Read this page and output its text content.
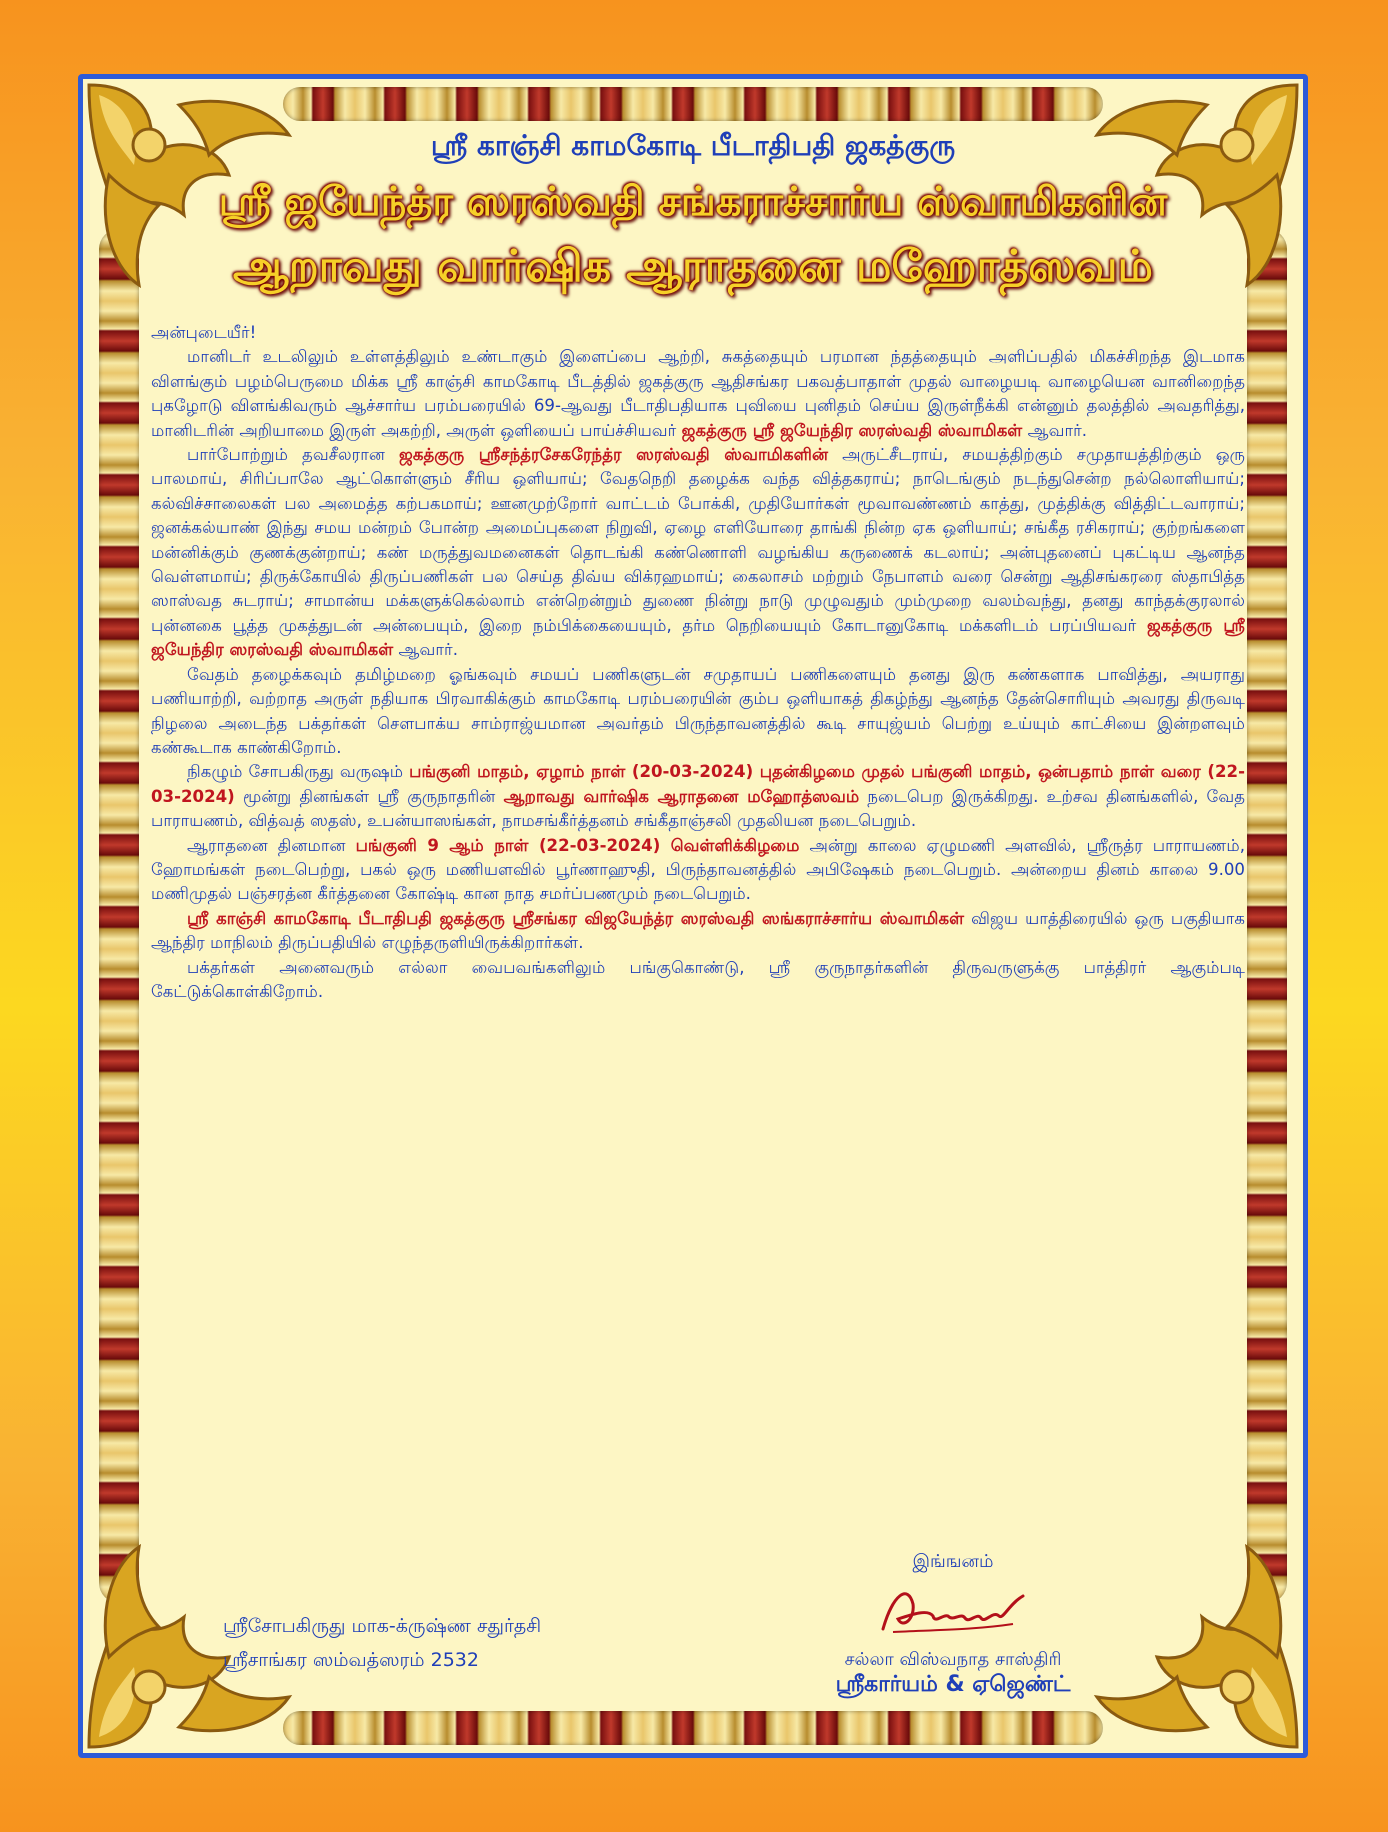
ஸ்ரீ காஞ்சி காமகோடி பீடாதிபதி ஜகத்குரு
ஸ்ரீ ஜயேந்த்ர ஸரஸ்வதி சங்கராச்சார்ய ஸ்வாமிகளின்
ஆறாவது வார்ஷிக ஆராதனை மஹோத்ஸவம்

அன்புடையீர்!

மானிடர் உடலிலும் உள்ளத்திலும் உண்டாகும் இளைப்பை ஆற்றி, சுகத்தையும் பரமான ந்தத்தையும் அளிப்பதில் மிகச்சிறந்த இடமாக விளங்கும் பழம்பெருமை மிக்க ஸ்ரீ காஞ்சி காமகோடி பீடத்தில் ஜகத்குரு ஆதிசங்கர பகவத்பாதாள் முதல் வாழையடி வாழையென வானிறைந்த புகழோடு விளங்கிவரும் ஆச்சார்ய பரம்பரையில் 69-ஆவது பீடாதிபதியாக புவியை புனிதம் செய்ய இருள்நீக்கி என்னும் தலத்தில் அவதரித்து, மானிடரின் அறியாமை இருள் அகற்றி, அருள் ஒளியைப் பாய்ச்சியவர் ஜகத்குரு ஸ்ரீ ஜயேந்திர ஸரஸ்வதி ஸ்வாமிகள் ஆவார்.

பார்போற்றும் தவசீலரான ஜகத்குரு ஸ்ரீசந்த்ரசேகரேந்த்ர ஸரஸ்வதி ஸ்வாமிகளின் அருட்சீடராய், சமயத்திற்கும் சமுதாயத்திற்கும் ஒரு பாலமாய், சிரிப்பாலே ஆட்கொள்ளும் சீரிய ஒளியாய்; வேதநெறி தழைக்க வந்த வித்தகராய்; நாடெங்கும் நடந்துசென்ற நல்லொளியாய்; கல்விச்சாலைகள் பல அமைத்த கற்பகமாய்; ஊனமுற்றோர் வாட்டம் போக்கி, முதியோர்கள் மூவாவண்ணம் காத்து, முத்திக்கு வித்திட்டவாராய்; ஜனக்கல்யாண் இந்து சமய மன்றம் போன்ற அமைப்புகளை நிறுவி, ஏழை எளியோரை தாங்கி நின்ற ஏக ஒளியாய்; சங்கீத ரசிகராய்; குற்றங்களை மன்னிக்கும் குணக்குன்றாய்; கண் மருத்துவமனைகள் தொடங்கி கண்ணொளி வழங்கிய கருணைக் கடலாய்; அன்புதனைப் புகட்டிய ஆனந்த வெள்ளமாய்; திருக்கோயில் திருப்பணிகள் பல செய்த திவ்ய விக்ரஹமாய்; கைலாசம் மற்றும் நேபாளம் வரை சென்று ஆதிசங்கரரை ஸ்தாபித்த ஸாஸ்வத சுடராய்; சாமான்ய மக்களுக்கெல்லாம் என்றென்றும் துணை நின்று நாடு முழுவதும் மும்முறை வலம்வந்து, தனது காந்தக்குரலால் புன்னகை பூத்த முகத்துடன் அன்பையும், இறை நம்பிக்கையையும், தர்ம நெறியையும் கோடானுகோடி மக்களிடம் பரப்பியவர் ஜகத்குரு ஸ்ரீ ஜயேந்திர ஸரஸ்வதி ஸ்வாமிகள் ஆவார்.

வேதம் தழைக்கவும் தமிழ்மறை ஓங்கவும் சமயப் பணிகளுடன் சமுதாயப் பணிகளையும் தனது இரு கண்களாக பாவித்து, அயராது பணியாற்றி, வற்றாத அருள் நதியாக பிரவாகிக்கும் காமகோடி பரம்பரையின் கும்ப ஒளியாகத் திகழ்ந்து ஆனந்த தேன்சொரியும் அவரது திருவடி நிழலை அடைந்த பக்தர்கள் சௌபாக்ய சாம்ராஜ்யமான அவர்தம் பிருந்தாவனத்தில் கூடி சாயுஜ்யம் பெற்று உய்யும் காட்சியை இன்றளவும் கண்கூடாக காண்கிறோம்.

நிகழும் சோபகிருது வருஷம் பங்குனி மாதம், ஏழாம் நாள் (20-03-2024) புதன்கிழமை முதல் பங்குனி மாதம், ஒன்பதாம் நாள் வரை (22-03-2024) மூன்று தினங்கள் ஸ்ரீ குருநாதரின் ஆறாவது வார்ஷிக ஆராதனை மஹோத்ஸவம் நடைபெற இருக்கிறது. உற்சவ தினங்களில், வேத பாராயணம், வித்வத் ஸதஸ், உபன்யாஸங்கள், நாமசங்கீர்த்தனம் சங்கீதாஞ்சலி முதலியன நடைபெறும்.

ஆராதனை தினமான பங்குனி 9 ஆம் நாள் (22-03-2024) வெள்ளிக்கிழமை அன்று காலை ஏழுமணி அளவில், ஸ்ரீருத்ர பாராயணம், ஹோமங்கள் நடைபெற்று, பகல் ஒரு மணியளவில் பூர்ணாஹுதி, பிருந்தாவனத்தில் அபிஷேகம் நடைபெறும். அன்றைய தினம் காலை 9.00 மணிமுதல் பஞ்சரத்ன கீர்த்தனை கோஷ்டி கான நாத சமர்ப்பணமும் நடைபெறும்.

ஸ்ரீ காஞ்சி காமகோடி பீடாதிபதி ஜகத்குரு ஸ்ரீசங்கர விஜயேந்த்ர ஸரஸ்வதி ஸங்கராச்சார்ய ஸ்வாமிகள் விஜய யாத்திரையில் ஒரு பகுதியாக ஆந்திர மாநிலம் திருப்பதியில் எழுந்தருளியிருக்கிறார்கள்.

பக்தர்கள் அனைவரும் எல்லா வைபவங்களிலும் பங்குகொண்டு, ஸ்ரீ குருநாதர்களின் திருவருளுக்கு பாத்திரர் ஆகும்படி கேட்டுக்கொள்கிறோம்.

ஸ்ரீசோபகிருது மாக-க்ருஷ்ண சதுர்தசி
ஸ்ரீசாங்கர ஸம்வத்ஸரம் 2532
இங்ஙனம்
சல்லா விஸ்வநாத சாஸ்திரி
ஸ்ரீகார்யம் & ஏஜெண்ட்
